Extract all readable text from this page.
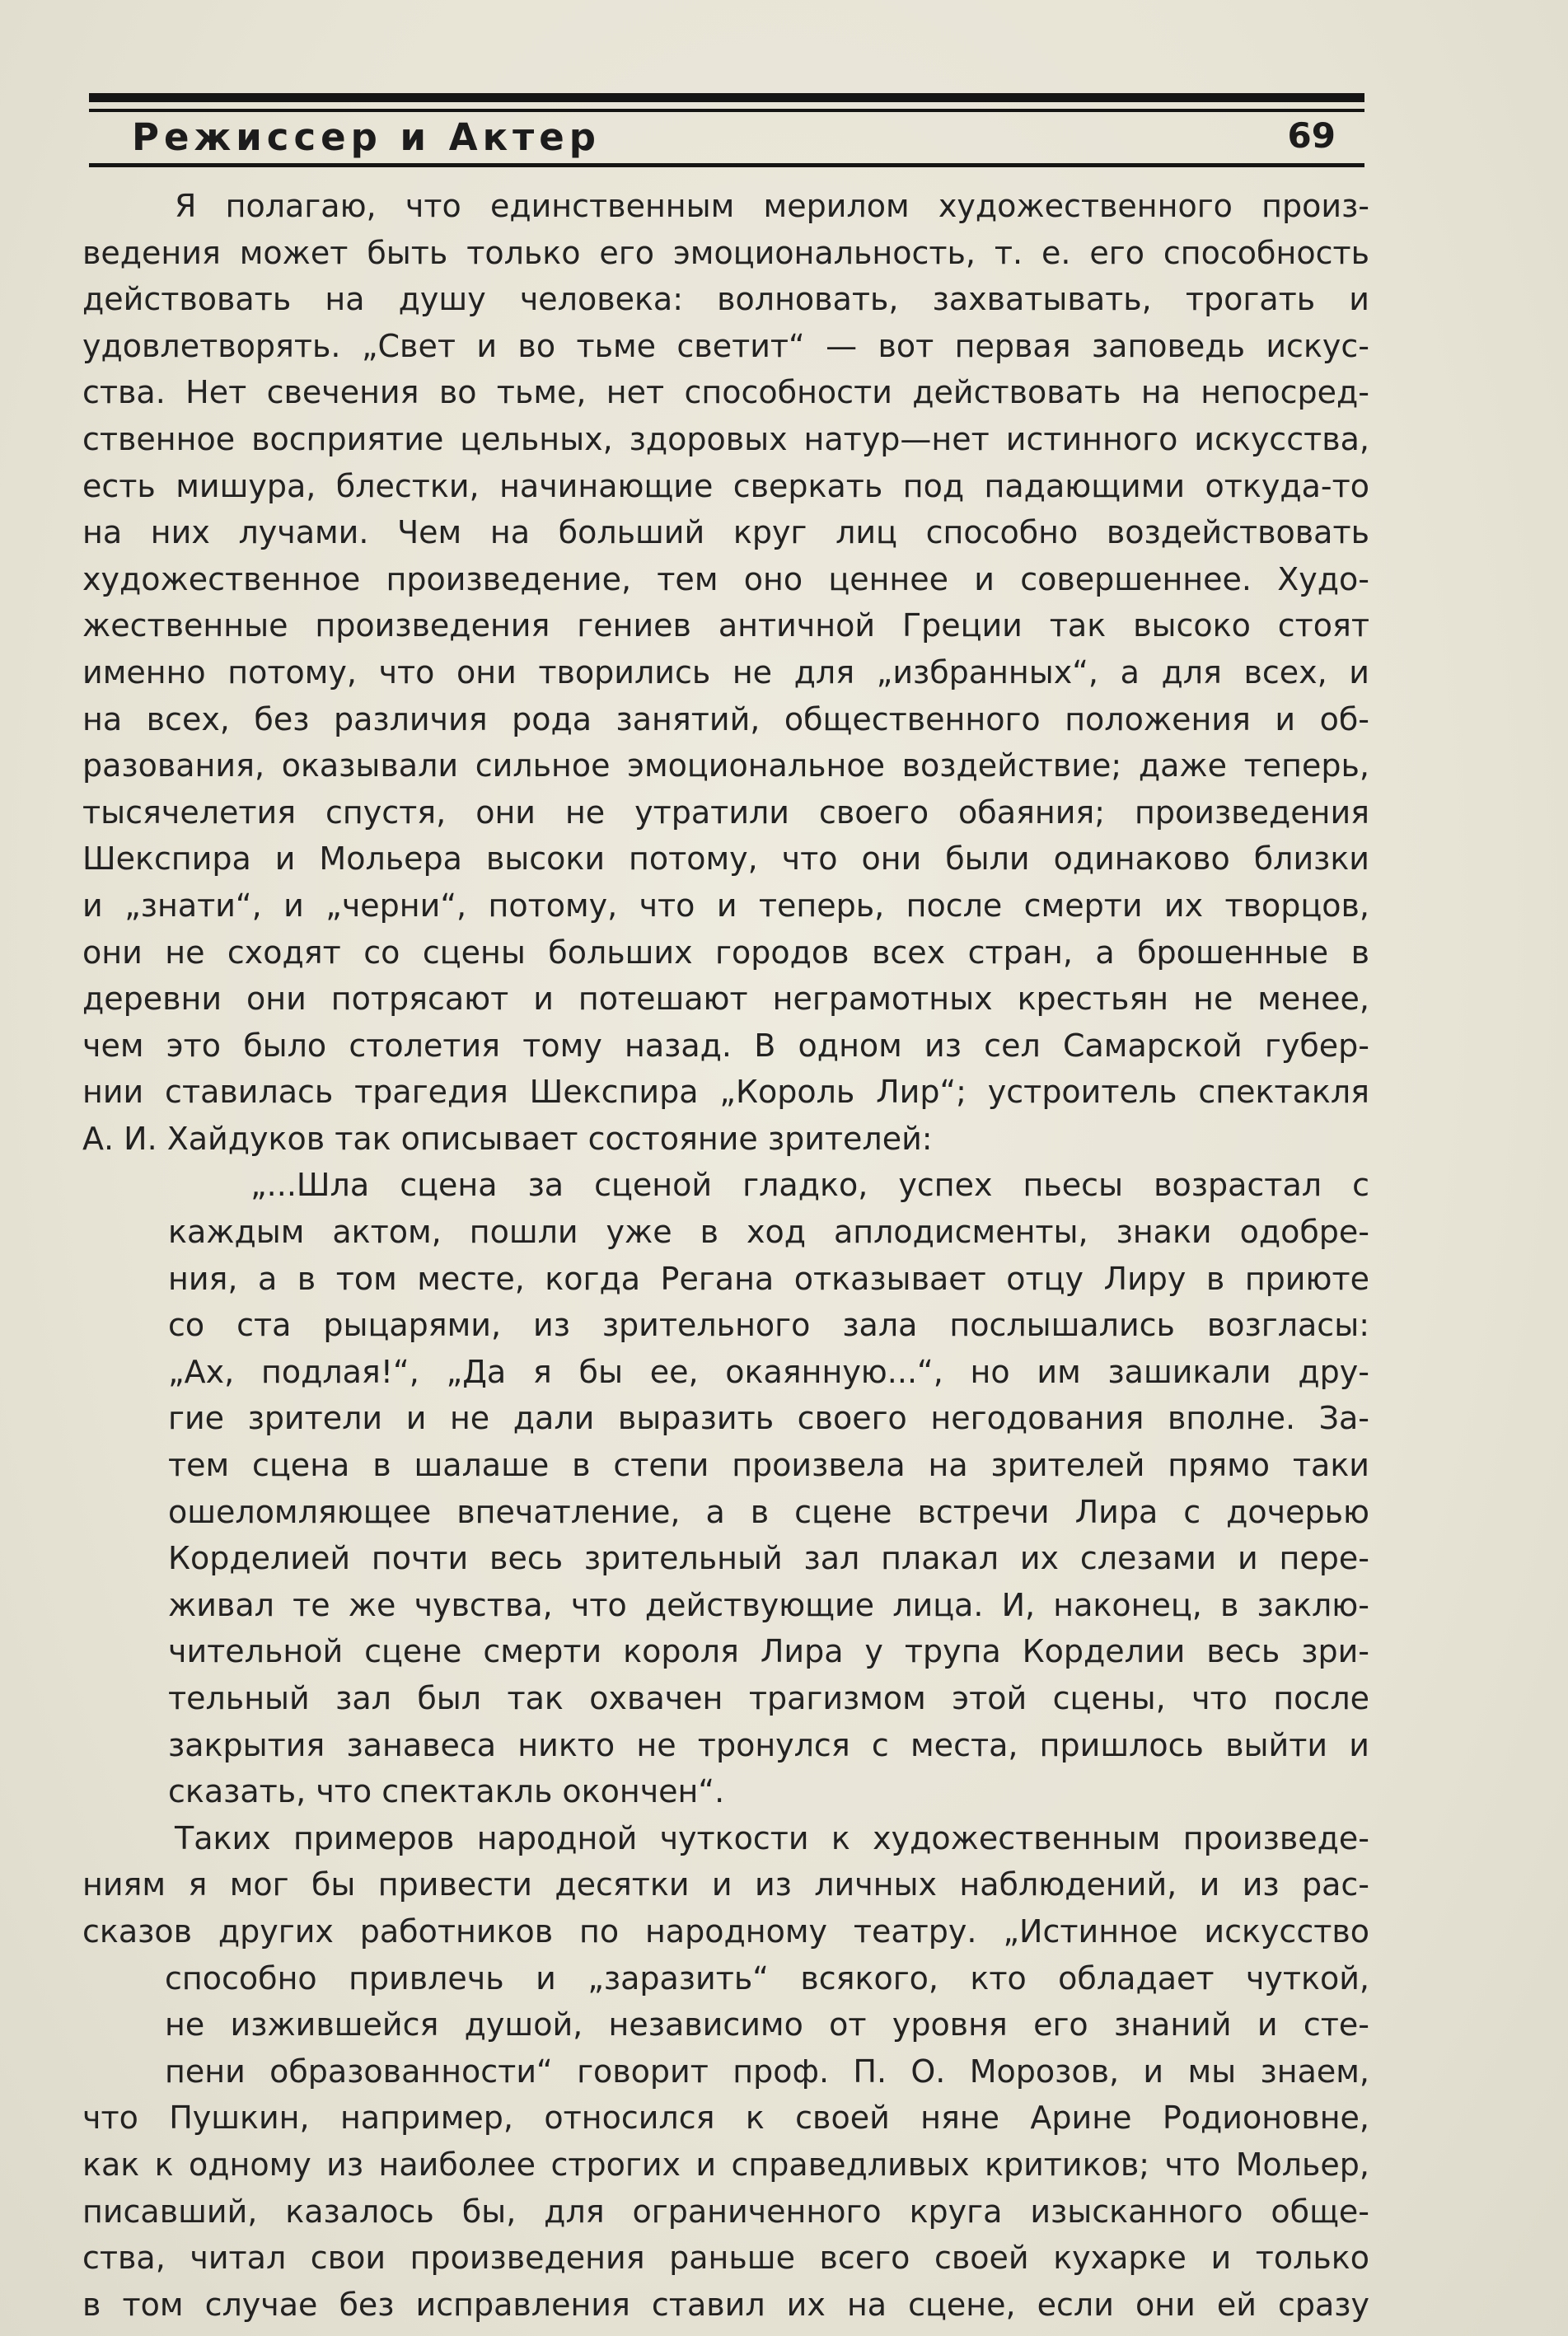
Режиссер и Актер	69

Я полагаю, что единственным мерилом художественного произ-

ведения может быть только его эмоциональность, т. е. его способность

действовать на душу человека: волновать, захватывать, трогать и

удовлетворять. „Свет и во тьме светит“ — вот первая заповедь искус-

ства. Нет свечения во тьме, нет способности действовать на непосред-

ственное восприятие цельных, здоровых натур—нет истинного искусства,

есть мишура, блестки, начинающие сверкать под падающими откуда-то

на них лучами. Чем на больший круг лиц способно воздействовать

художественное произведение, тем оно ценнее и совершеннее. Худо-

жественные произведения гениев античной Греции так высоко стоят

именно потому, что они творились не для „избранных“, а для всех, и

на всех, без различия рода занятий, общественного положения и об-

разования, оказывали сильное эмоциональное воздействие; даже теперь,

тысячелетия спустя, они не утратили своего обаяния; произведения

Шекспира и Мольера высоки потому, что они были одинаково близки

и „знати“, и „черни“, потому, что и теперь, после смерти их творцов,

они не сходят со сцены больших городов всех стран, а брошенные в

деревни они потрясают и потешают неграмотных крестьян не менее,

чем это было столетия тому назад. В одном из сел Самарской губер-

нии ставилась трагедия Шекспира „Король Лир“; устроитель спектакля

А. И. Хайдуков так описывает состояние зрителей:

„...Шла сцена за сценой гладко, успех пьесы возрастал с

каждым актом, пошли уже в ход аплодисменты, знаки одобре-

ния, а в том месте, когда Регана отказывает отцу Лиру в приюте

со ста рыцарями, из зрительного зала послышались возгласы:

„Ах, подлая!“, „Да я бы ее, окаянную...“, но им зашикали дру-

гие зрители и не дали выразить своего негодования вполне. За-

тем сцена в шалаше в степи произвела на зрителей прямо таки

ошеломляющее впечатление, а в сцене встречи Лира с дочерью

Корделией почти весь зрительный зал плакал их слезами и пере-

живал те же чувства, что действующие лица. И, наконец, в заклю-

чительной сцене смерти короля Лира у трупа Корделии весь зри-

тельный зал был так охвачен трагизмом этой сцены, что после

закрытия занавеса никто не тронулся с места, пришлось выйти и

сказать, что спектакль окончен“.

Таких примеров народной чуткости к художественным произведе-

ниям я мог бы привести десятки и из личных наблюдений, и из рас-

сказов других работников по народному театру. „Истинное искусство

способно привлечь и „заразить“ всякого, кто обладает чуткой,

не изжившейся душой, независимо от уровня его знаний и сте-

пени образованности“ говорит проф. П. О. Морозов, и мы знаем,

что Пушкин, например, относился к своей няне Арине Родионовне,

как к одному из наиболее строгих и справедливых критиков; что Мольер,

писавший, казалось бы, для ограниченного круга изысканного обще-

ства, читал свои произведения раньше всего своей кухарке и только

в том случае без исправления ставил их на сцене, если они ей сразу
